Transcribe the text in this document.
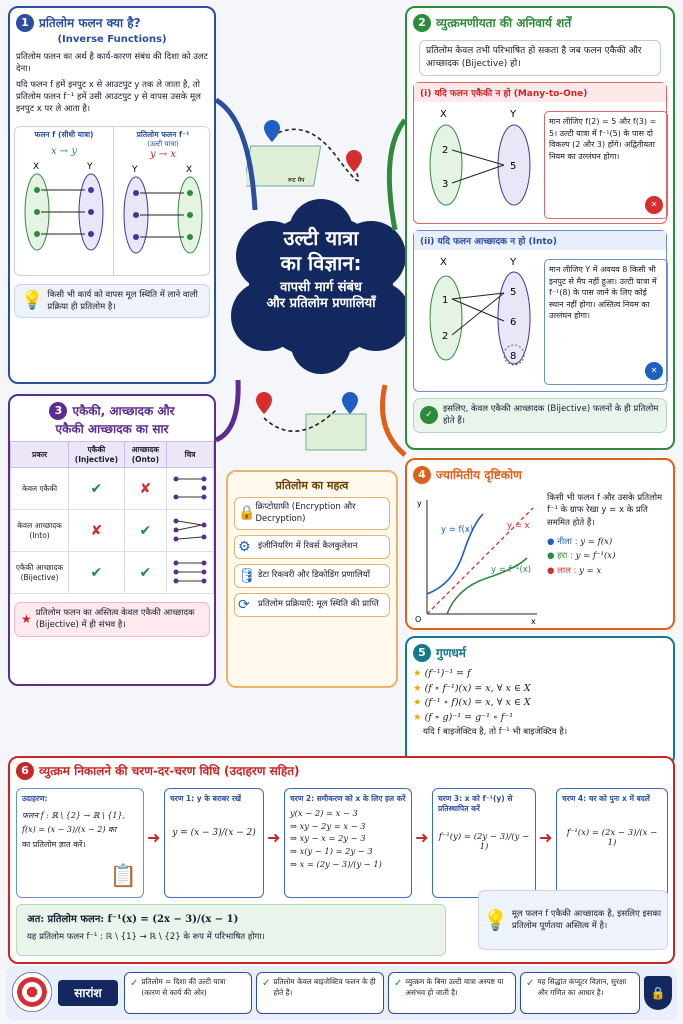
1 प्रतिलोम फलन क्या है?
(Inverse Functions)
प्रतिलोम फलन का अर्थ है कार्य-कारण संबंध की दिशा को उलट देना।
यदि फलन f हमें इनपुट x से आउटपुट y तक ले जाता है, तो प्रतिलोम फलन f⁻¹ हमें उसी आउटपुट y से वापस उसके मूल इनपुट x पर ले आता है।
फलन f (सीधी यात्रा)
x → y
X	Y
प्रतिलोम फलन f⁻¹
(उल्टी यात्रा)
y → x
Y	X
💡 किसी भी कार्य को वापस मूल स्थिति में लाने वाली प्रक्रिया ही प्रतिलोम है।
उल्टी यात्रा
का विज्ञान:
वापसी मार्ग संबंध
और प्रतिलोम प्रणालियाँ
रूट मैप
2 व्युत्क्रमणीयता की अनिवार्य शर्तें
प्रतिलोम केवल तभी परिभाषित हो सकता है जब फलन एकैकी और आच्छादक (Bijective) हो।
(i) यदि फलन एकैकी न हो (Many-to-One)
X	Y
2
3
5
मान लीजिए f(2) = 5 और f(3) = 5। उल्टी यात्रा में f⁻¹(5) के पास दो विकल्प (2 और 3) होंगे। अद्वितीयता नियम का उल्लंघन होगा।
✕
(ii) यदि फलन आच्छादक न हो (Into)
X	Y
1
2
5
6
8
मान लीजिए Y में अवयव 8 किसी भी इनपुट से मैप नहीं हुआ। उल्टी यात्रा में f⁻¹(8) के पास जाने के लिए कोई स्थान नहीं होगा। अस्तित्व नियम का उल्लंघन होगा।
✕
✓
इसलिए, केवल एकैकी आच्छादक (Bijective) फलनों के ही प्रतिलोम होते हैं।
3 एकैकी, आच्छादक और
एकैकी आच्छादक का सार
प्रकार	एकैकी (Injective)	आच्छादक (Onto)	चित्र
केवल एकैकी	✔	✘	
केवल आच्छादक (Into)	✘	✔	
एकैकी आच्छादक (Bijective)	✔	✔	
★ प्रतिलोम फलन का अस्तित्व केवल एकैकी आच्छादक (Bijective) में ही संभव है।
प्रतिलोम का महत्व
🔒 क्रिप्टोग्राफी (Encryption और Decryption)
⚙ इंजीनियरिंग में रिवर्स कैलकुलेशन
🛢 डेटा रिकवरी और डिकोडिंग प्रणालियाँ
⟳ प्रतिलोम प्रक्रियाएँ: मूल स्थिति की प्राप्ति
4 ज्यामितीय दृष्टिकोण
x
y
O
y = f(x)	y = x
y = f⁻¹(x)
किसी भी फलन f और उसके प्रतिलोम f⁻¹ के ग्राफ रेखा y = x के प्रति सममित होते हैं।
● नीला : y = f(x)
● हरा : y = f⁻¹(x)
● लाल : y = x
5 गुणधर्म
★ (f⁻¹)⁻¹ = f
★ (f ∘ f⁻¹)(x) = x, ∀ x ∈ X
★ (f⁻¹ ∘ f)(x) = x, ∀ x ∈ X
★ (f ∘ g)⁻¹ = g⁻¹ ∘ f⁻¹
यदि f बाइजेक्टिव है, तो f⁻¹ भी बाइजेक्टिव है।
6 व्युत्क्रम निकालने की चरण-दर-चरण विधि (उदाहरण सहित)
उदाहरण:
फलन f : ℝ \ {2} → ℝ \ {1},
f(x) = (x − 3)/(x − 2) का
का प्रतिलोम ज्ञात करें।
📋
➜
चरण 1: y के बराबर रखें
y = (x − 3)/(x − 2) ➜
चरण 2: समीकरण को x के लिए हल करें
y(x − 2) = x − 3
⇒ xy − 2y = x − 3
⇒ xy − x = 2y − 3
⇒ x(y − 1) = 2y − 3
⇒ x = (2y − 3)/(y − 1)
➜
चरण 3: x को f⁻¹(y) से प्रतिस्थापित करें
f⁻¹(y) = (2y − 3)/(y − 1)	➜
चरण 4: चर को पुनः x में बदलें
f⁻¹(x) = (2x − 3)/(x − 1)
अत: प्रतिलोम फलन: f⁻¹(x) = (2x − 3)/(x − 1)
यह प्रतिलोम फलन f⁻¹ : ℝ \ {1} → ℝ \ {2} के रूप में परिभाषित होगा।
💡 मूल फलन f एकैकी आच्छादक है, इसलिए इसका प्रतिलोम पूर्णतया अस्तित्व में है।
सारांश
✓ प्रतिलोम = दिशा की उल्टी यात्रा (कारण से कार्य की ओर)
✓ प्रतिलोम केवल बाइजेक्टिव फलन के ही होते हैं।
✓ व्युत्क्रम के बिना उल्टी यात्रा अस्पष्ट या असंभव हो जाती है।
✓ यह सिद्धांत कंप्यूटर विज्ञान, सुरक्षा और गणित का आधार है।	🔒
